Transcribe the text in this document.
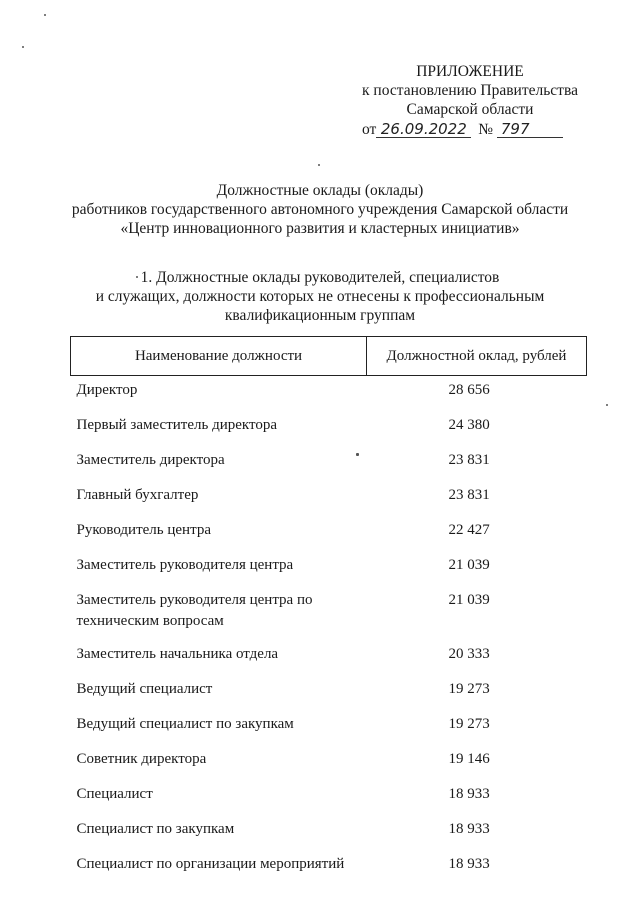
ПРИЛОЖЕНИЕ
к постановлению Правительства
Самарской области
от 26.09.2022 № 797
Должностные оклады (оклады)
работников государственного автономного учреждения Самарской области
«Центр инновационного развития и кластерных инициатив»
1. Должностные оклады руководителей, специалистов
и служащих, должности которых не отнесены к профессиональным
квалификационным группам
Наименование должности	Должностной оклад, рублей
Директор	28 656
Первый заместитель директора	24 380
Заместитель директора	23 831
Главный бухгалтер	23 831
Руководитель центра	22 427
Заместитель руководителя центра	21 039
Заместитель руководителя центра по техническим вопросам	21 039
Заместитель начальника отдела	20 333
Ведущий специалист	19 273
Ведущий специалист по закупкам	19 273
Советник директора	19 146
Специалист	18 933
Специалист по закупкам	18 933
Специалист по организации мероприятий	18 933
